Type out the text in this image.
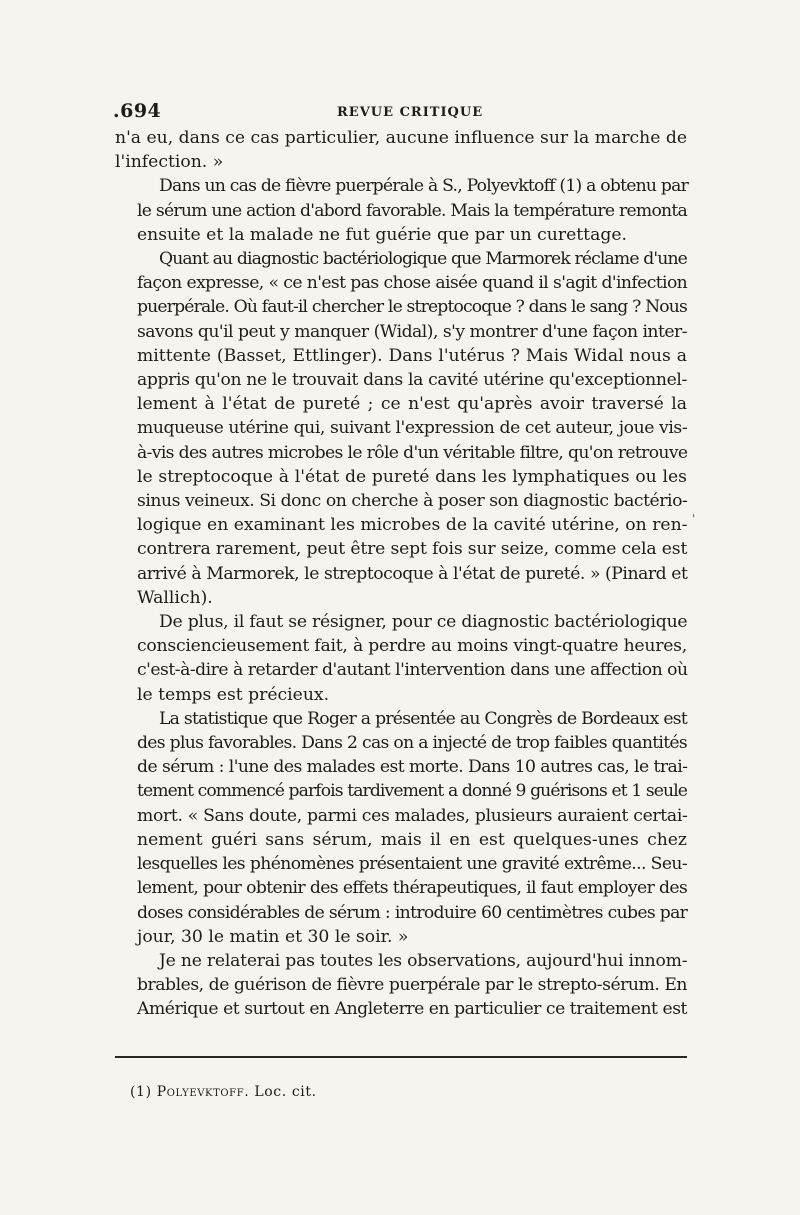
.694	REVUE CRITIQUE

n'a eu, dans ce cas particulier, aucune influence sur la marche de
l'infection. »

Dans un cas de fièvre puerpérale à S., Polyevktoff (1) a obtenu par
le sérum une action d'abord favorable. Mais la température remonta
ensuite et la malade ne fut guérie que par un curettage.

Quant au diagnostic bactériologique que Marmorek réclame d'une
façon expresse, « ce n'est pas chose aisée quand il s'agit d'infection
puerpérale. Où faut-il chercher le streptocoque ? dans le sang ? Nous
savons qu'il peut y manquer (Widal), s'y montrer d'une façon inter-
mittente (Basset, Ettlinger). Dans l'utérus ? Mais Widal nous a
appris qu'on ne le trouvait dans la cavité utérine qu'exceptionnel-
lement à l'état de pureté ; ce n'est qu'après avoir traversé la
muqueuse utérine qui, suivant l'expression de cet auteur, joue vis-
à-vis des autres microbes le rôle d'un véritable filtre, qu'on retrouve
le streptocoque à l'état de pureté dans les lymphatiques ou les
sinus veineux. Si donc on cherche à poser son diagnostic bactério-
logique en examinant les microbes de la cavité utérine, on ren-
contrera rarement, peut être sept fois sur seize, comme cela est
arrivé à Marmorek, le streptocoque à l'état de pureté. » (Pinard et
Wallich).

De plus, il faut se résigner, pour ce diagnostic bactériologique
consciencieusement fait, à perdre au moins vingt-quatre heures,
c'est-à-dire à retarder d'autant l'intervention dans une affection où
le temps est précieux.

La statistique que Roger a présentée au Congrès de Bordeaux est
des plus favorables. Dans 2 cas on a injecté de trop faibles quantités
de sérum : l'une des malades est morte. Dans 10 autres cas, le trai-
tement commencé parfois tardivement a donné 9 guérisons et 1 seule
mort. « Sans doute, parmi ces malades, plusieurs auraient certai-
nement guéri sans sérum, mais il en est quelques-unes chez
lesquelles les phénomènes présentaient une gravité extrême... Seu-
lement, pour obtenir des effets thérapeutiques, il faut employer des
doses considérables de sérum : introduire 60 centimètres cubes par
jour, 30 le matin et 30 le soir. »

Je ne relaterai pas toutes les observations, aujourd'hui innom-
brables, de guérison de fièvre puerpérale par le strepto-sérum. En
Amérique et surtout en Angleterre en particulier ce traitement est

'
(1) Polyevktoff. Loc. cit.
